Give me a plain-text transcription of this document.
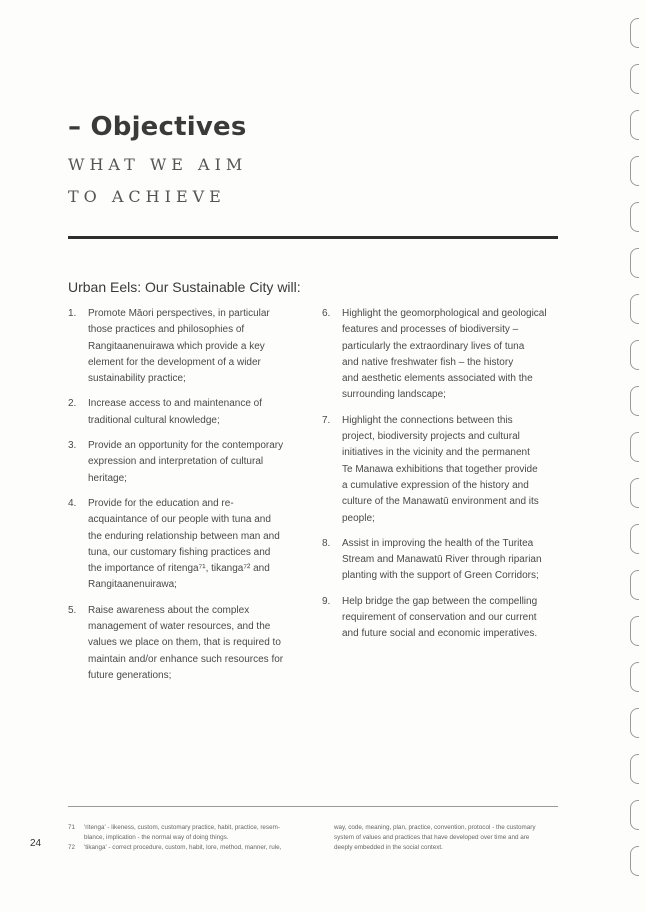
– Objectives
WHAT WE AIM
TO ACHIEVE
Urban Eels: Our Sustainable City will:
1.	Promote Māori perspectives, in particular
those practices and philosophies of
Rangitaanenuirawa which provide a key
element for the development of a wider
sustainability practice;
2.	Increase access to and maintenance of
traditional cultural knowledge;
3.	Provide an opportunity for the contemporary
expression and interpretation of cultural
heritage;
4.	Provide for the education and re-
acquaintance of our people with tuna and
the enduring relationship between man and
tuna, our customary fishing practices and
the importance of ritenga⁷¹, tikanga⁷² and
Rangitaanenuirawa;
5.	Raise awareness about the complex
management of water resources, and the
values we place on them, that is required to
maintain and/or enhance such resources for
future generations;
6.	Highlight the geomorphological and geological
features and processes of biodiversity –
particularly the extraordinary lives of tuna
and native freshwater fish – the history
and aesthetic elements associated with the
surrounding landscape;
7.	Highlight the connections between this
project, biodiversity projects and cultural
initiatives in the vicinity and the permanent
Te Manawa exhibitions that together provide
a cumulative expression of the history and
culture of the Manawatū environment and its
people;
8.	Assist in improving the health of the Turitea
Stream and Manawatū River through riparian
planting with the support of Green Corridors;
9.	Help bridge the gap between the compelling
requirement of conservation and our current
and future social and economic imperatives.
24
71	'ritenga' - likeness, custom, customary practice, habit, practice, resem-
blance, implication - the normal way of doing things.
72	'tikanga' - correct procedure, custom, habit, lore, method, manner, rule,
way, code, meaning, plan, practice, convention, protocol - the customary
system of values and practices that have developed over time and are
deeply embedded in the social context.
